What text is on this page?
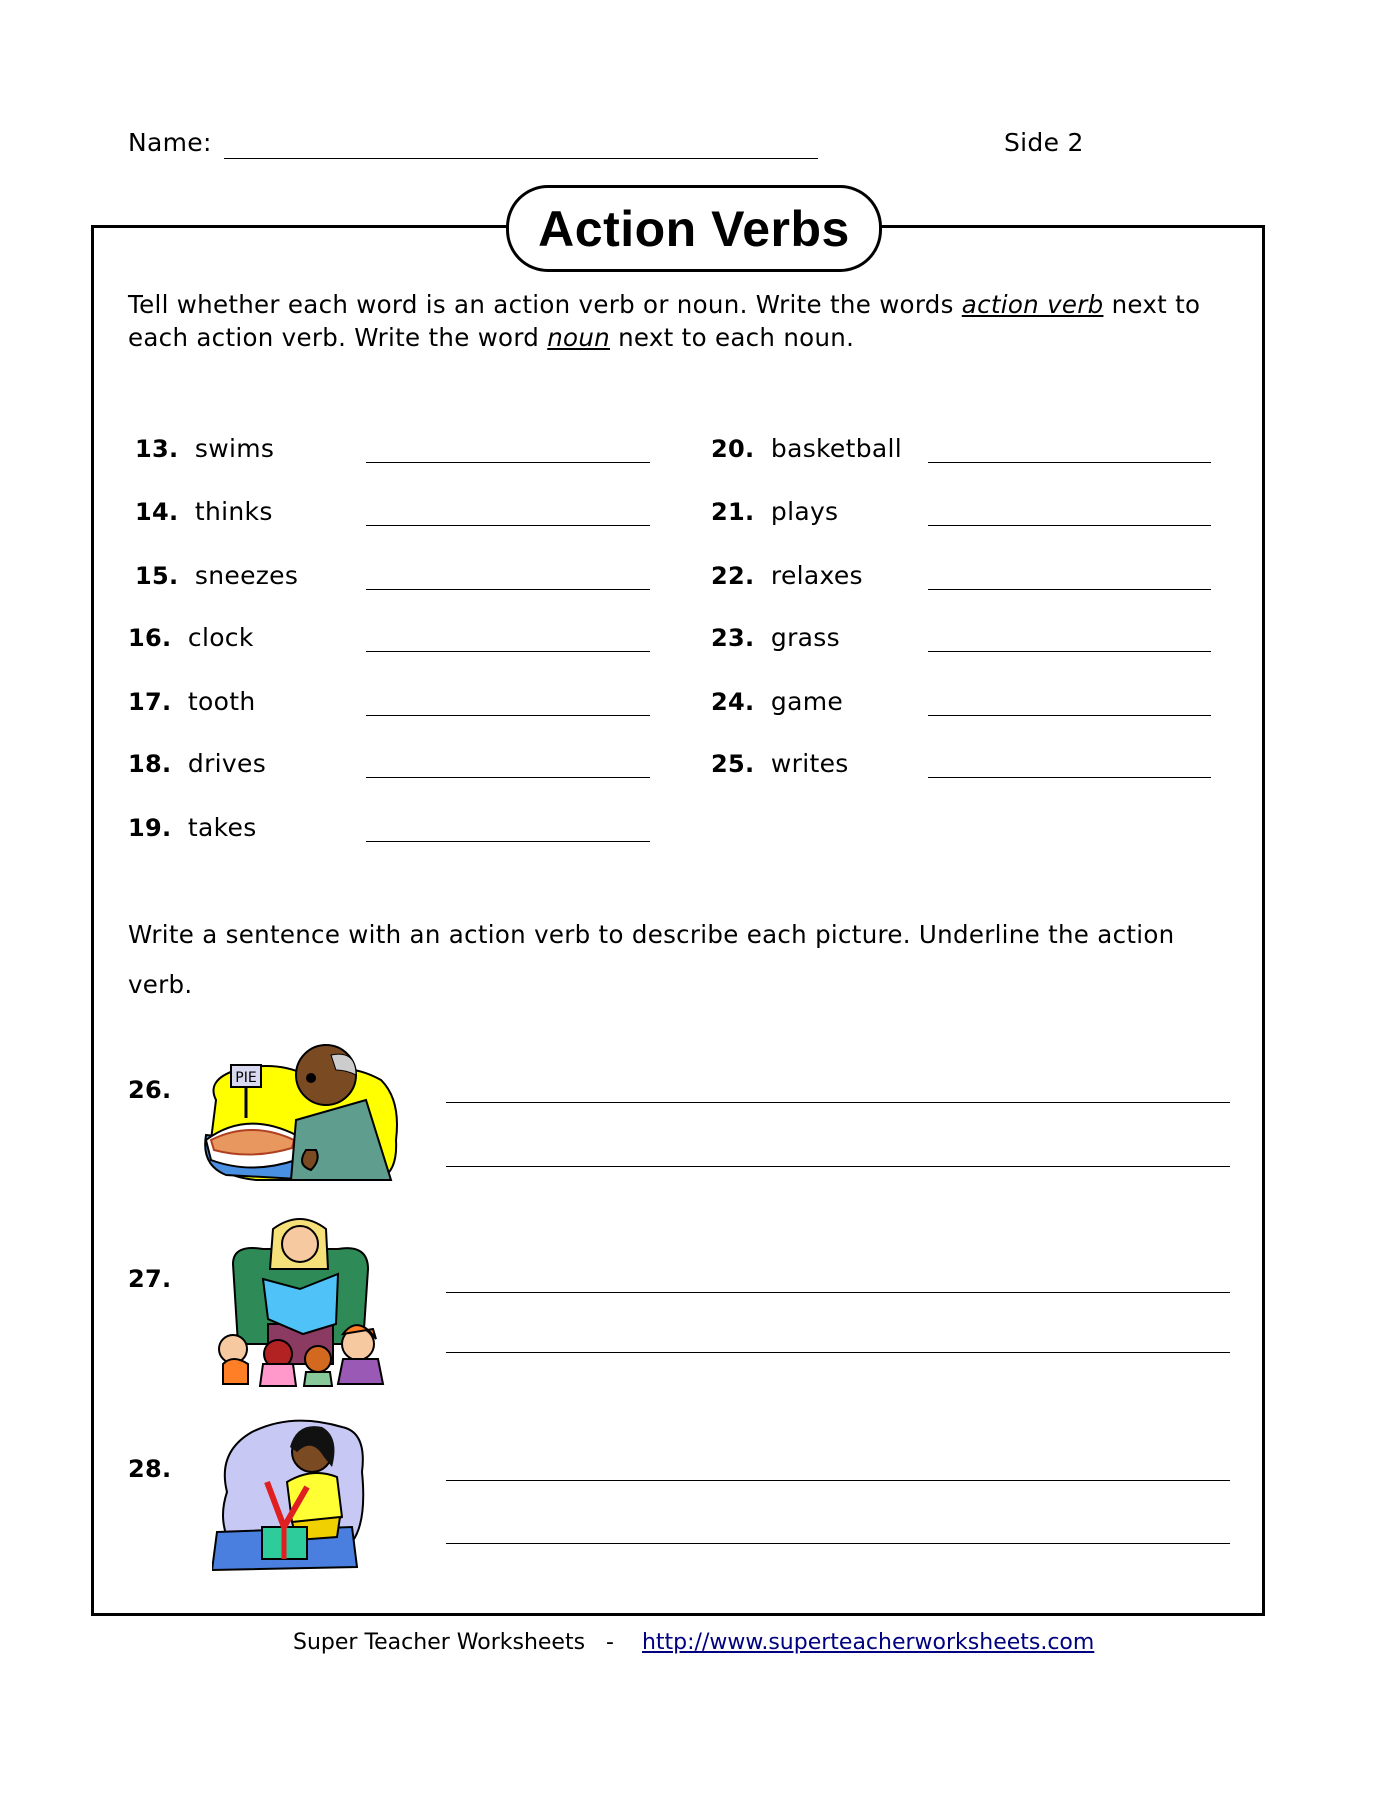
Name:	Side 2
Action Verbs
Tell whether each word is an action verb or noun. Write the words action verb next to each action verb. Write the word noun next to each noun.
13. swims
14. thinks
15. sneezes
16. clock
17. tooth
18. drives
19. takes
20. basketball
21. plays
22. relaxes
23. grass
24. game
25. writes
Write a sentence with an action verb to describe each picture. Underline the action
verb.
26.	PIE
27.
28.
Super Teacher Worksheets - http://www.superteacherworksheets.com
